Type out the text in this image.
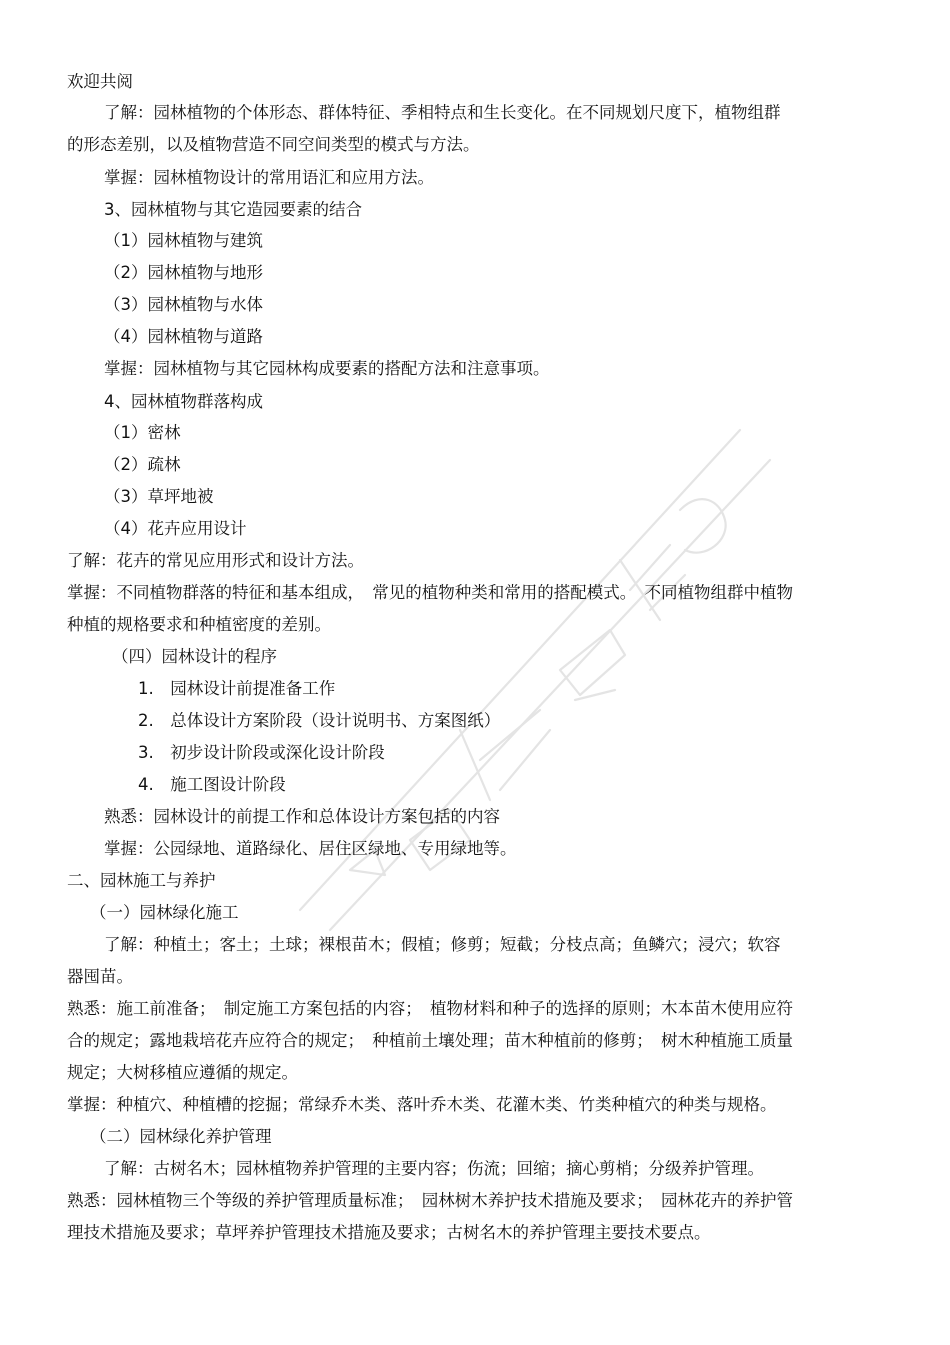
欢迎共阅
了解：园林植物的个体形态、群体特征、季相特点和生长变化。在不同规划尺度下，植物组群
的形态差别，以及植物营造不同空间类型的模式与方法。
掌握：园林植物设计的常用语汇和应用方法。
3、园林植物与其它造园要素的结合
（1）园林植物与建筑
（2）园林植物与地形
（3）园林植物与水体
（4）园林植物与道路
掌握：园林植物与其它园林构成要素的搭配方法和注意事项。
4、园林植物群落构成
（1）密林
（2）疏林
（3）草坪地被
（4）花卉应用设计
了解：花卉的常见应用形式和设计方法。
掌握：不同植物群落的特征和基本组成，　常见的植物种类和常用的搭配模式。　不同植物组群中植物
种植的规格要求和种植密度的差别。
（四）园林设计的程序
1.　园林设计前提准备工作
2.　总体设计方案阶段（设计说明书、方案图纸）
3.　初步设计阶段或深化设计阶段
4.　施工图设计阶段
熟悉：园林设计的前提工作和总体设计方案包括的内容
掌握：公园绿地、道路绿化、居住区绿地、专用绿地等。
二、园林施工与养护
（一）园林绿化施工
了解：种植土；客土；土球；裸根苗木；假植；修剪；短截；分枝点高；鱼鳞穴；浸穴；软容
器囤苗。
熟悉：施工前准备；　制定施工方案包括的内容；　植物材料和种子的选择的原则；木本苗木使用应符
合的规定；露地栽培花卉应符合的规定；　种植前土壤处理；苗木种植前的修剪；　树木种植施工质量
规定；大树移植应遵循的规定。
掌握：种植穴、种植槽的挖掘；常绿乔木类、落叶乔木类、花灌木类、竹类种植穴的种类与规格。
（二）园林绿化养护管理
了解：古树名木；园林植物养护管理的主要内容；伤流；回缩；摘心剪梢；分级养护管理。
熟悉：园林植物三个等级的养护管理质量标准；　园林树木养护技术措施及要求；　园林花卉的养护管
理技术措施及要求；草坪养护管理技术措施及要求；古树名木的养护管理主要技术要点。
